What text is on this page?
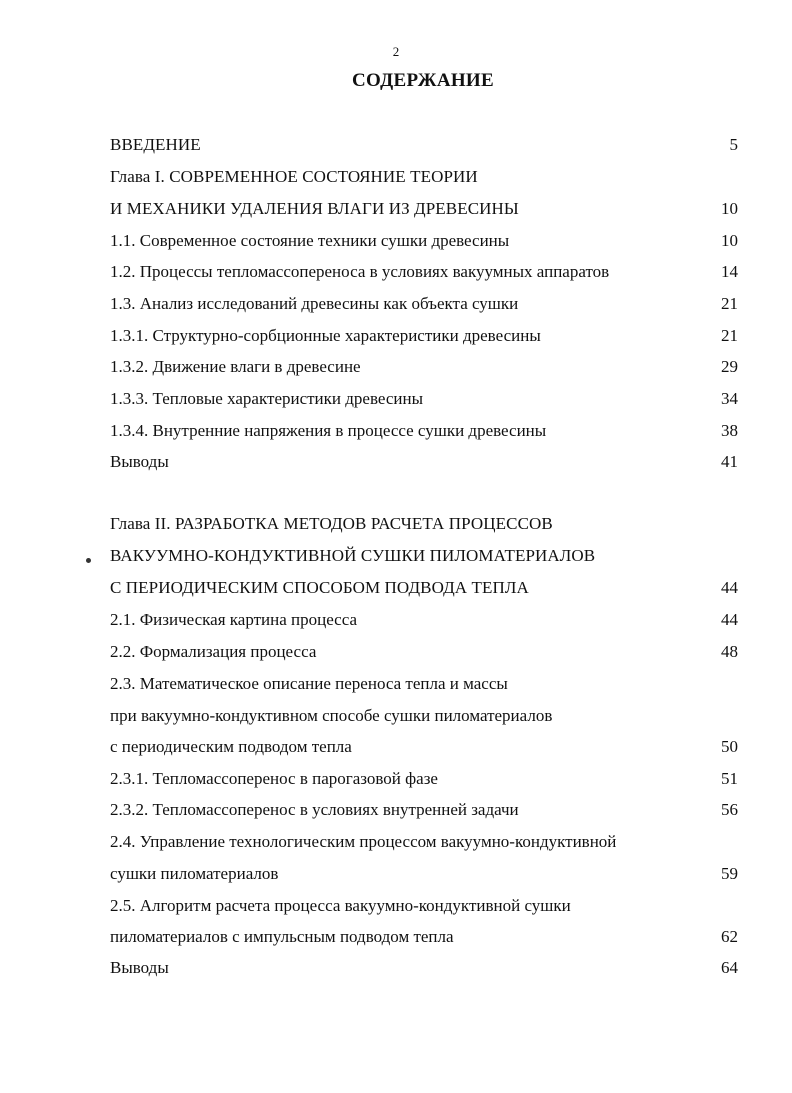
2
СОДЕРЖАНИЕ
ВВЕДЕНИЕ	5
Глава I. СОВРЕМЕННОЕ СОСТОЯНИЕ ТЕОРИИ
И МЕХАНИКИ УДАЛЕНИЯ ВЛАГИ ИЗ ДРЕВЕСИНЫ	10
1.1. Современное состояние техники сушки древесины	10
1.2. Процессы тепломассопереноса в условиях вакуумных аппаратов	14
1.3. Анализ исследований древесины как объекта сушки	21
1.3.1. Структурно-сорбционные характеристики древесины	21
1.3.2. Движение влаги в древесине	29
1.3.3. Тепловые характеристики древесины	34
1.3.4. Внутренние напряжения в процессе сушки древесины	38
Выводы	41
Глава II. РАЗРАБОТКА МЕТОДОВ РАСЧЕТА ПРОЦЕССОВ
ВАКУУМНО-КОНДУКТИВНОЙ СУШКИ ПИЛОМАТЕРИАЛОВ
С ПЕРИОДИЧЕСКИМ СПОСОБОМ ПОДВОДА ТЕПЛА	44
2.1. Физическая картина процесса	44
2.2. Формализация процесса	48
2.3. Математическое описание переноса тепла и массы
при вакуумно-кондуктивном способе сушки пиломатериалов
с периодическим подводом тепла	50
2.3.1. Тепломассоперенос в парогазовой фазе	51
2.3.2. Тепломассоперенос в условиях внутренней задачи	56
2.4. Управление технологическим процессом вакуумно-кондуктивной
сушки пиломатериалов	59
2.5. Алгоритм расчета процесса вакуумно-кондуктивной сушки
пиломатериалов с импульсным подводом тепла	62
Выводы	64
